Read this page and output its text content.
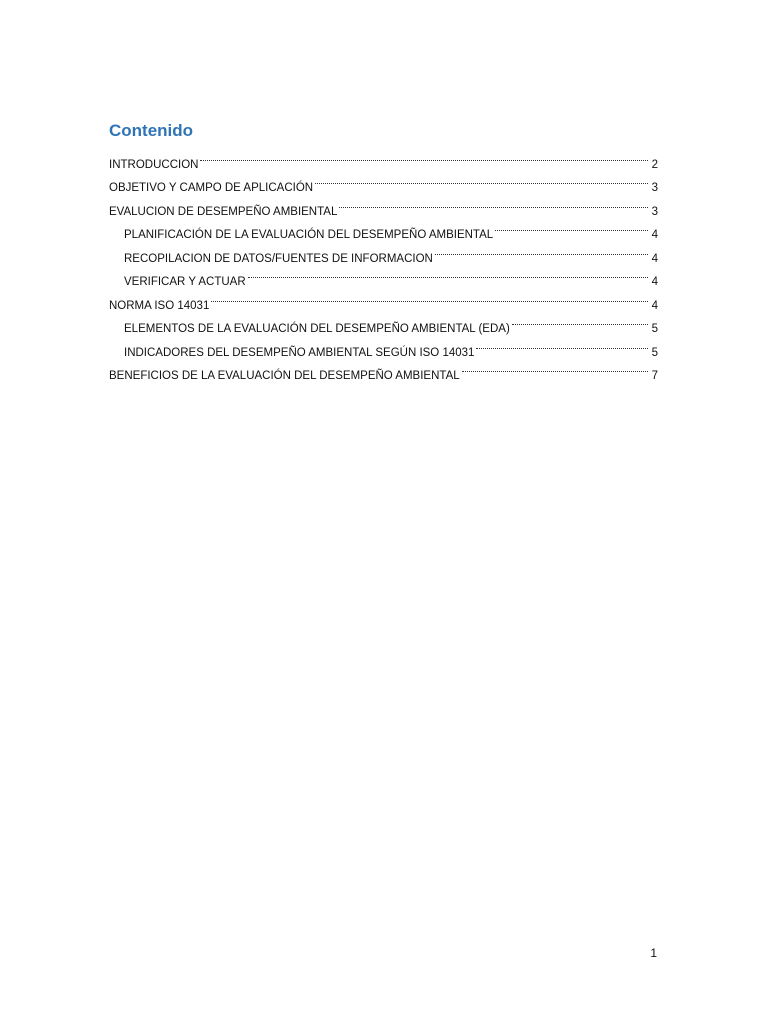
Contenido
INTRODUCCION	2
OBJETIVO Y CAMPO DE APLICACIÓN	3
EVALUCION DE DESEMPEÑO AMBIENTAL	3
PLANIFICACIÓN DE LA EVALUACIÓN DEL DESEMPEÑO AMBIENTAL	4
RECOPILACION DE DATOS/FUENTES DE INFORMACION	4
VERIFICAR Y ACTUAR	4
NORMA ISO 14031	4
ELEMENTOS DE LA EVALUACIÓN DEL DESEMPEÑO AMBIENTAL (EDA)	5
INDICADORES DEL DESEMPEÑO AMBIENTAL SEGÚN ISO 14031	5
BENEFICIOS DE LA EVALUACIÓN DEL DESEMPEÑO AMBIENTAL	7
1
